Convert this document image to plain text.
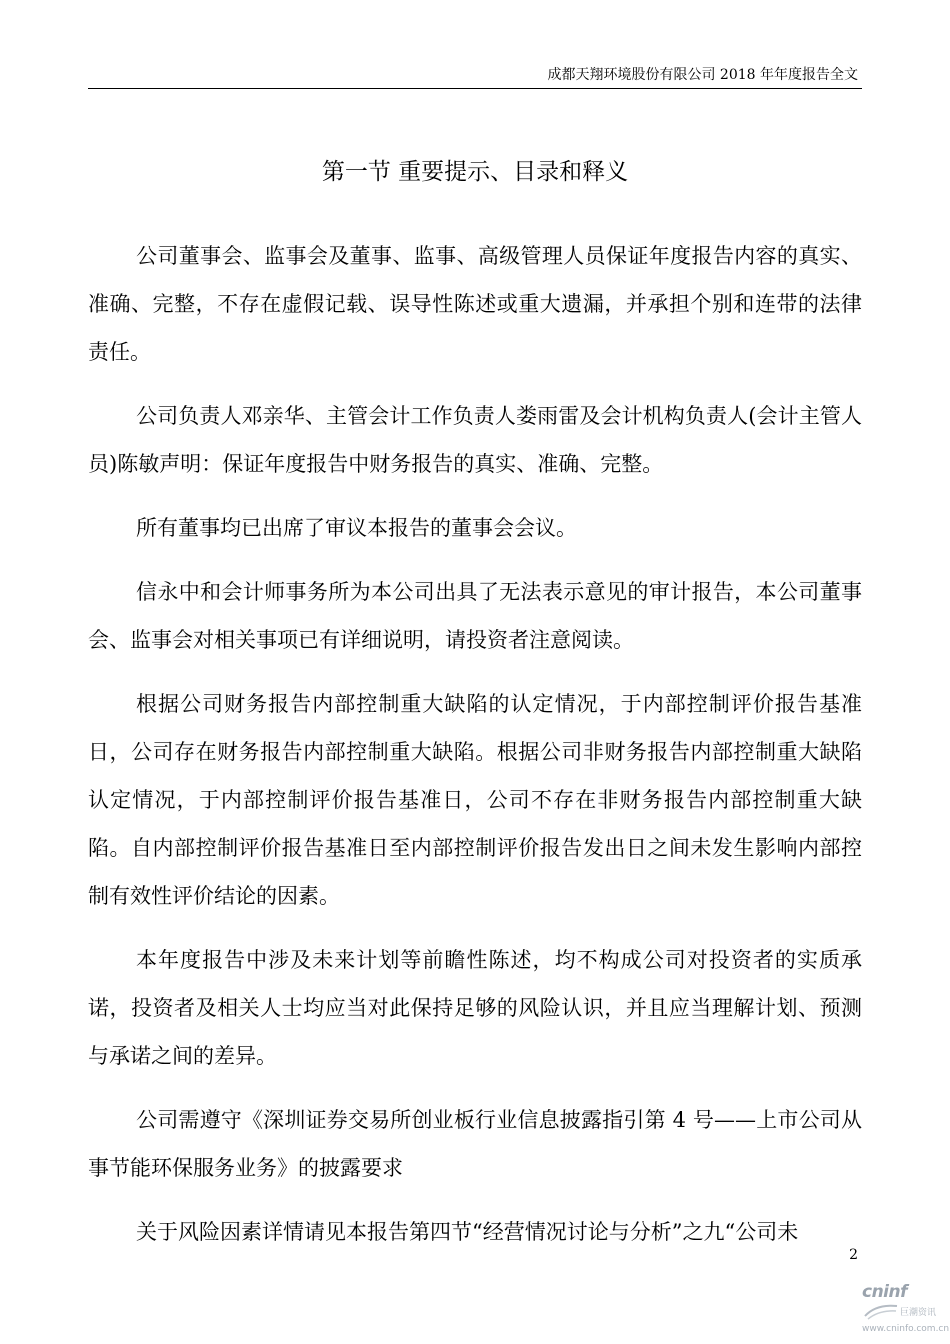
成都天翔环境股份有限公司 2018 年年度报告全文
第一节 重要提示、目录和释义

公司董事会、监事会及董事、监事、高级管理人员保证年度报告内容的真实、准确、完整，不存在虚假记载、误导性陈述或重大遗漏，并承担个别和连带的法律责任。

公司负责人邓亲华、主管会计工作负责人娄雨雷及会计机构负责人(会计主管人员)陈敏声明：保证年度报告中财务报告的真实、准确、完整。

所有董事均已出席了审议本报告的董事会会议。

信永中和会计师事务所为本公司出具了无法表示意见的审计报告，本公司董事会、监事会对相关事项已有详细说明，请投资者注意阅读。

根据公司财务报告内部控制重大缺陷的认定情况，于内部控制评价报告基准日，公司存在财务报告内部控制重大缺陷。根据公司非财务报告内部控制重大缺陷认定情况，于内部控制评价报告基准日，公司不存在非财务报告内部控制重大缺陷。自内部控制评价报告基准日至内部控制评价报告发出日之间未发生影响内部控制有效性评价结论的因素。

本年度报告中涉及未来计划等前瞻性陈述，均不构成公司对投资者的实质承诺，投资者及相关人士均应当对此保持足够的风险认识，并且应当理解计划、预测与承诺之间的差异。

公司需遵守《深圳证券交易所创业板行业信息披露指引第 4 号——上市公司从事节能环保服务业务》的披露要求

关于风险因素详情请见本报告第四节“经营情况讨论与分析”之九“公司未

2
cninf
巨潮资讯
www.cninfo.com.cn
